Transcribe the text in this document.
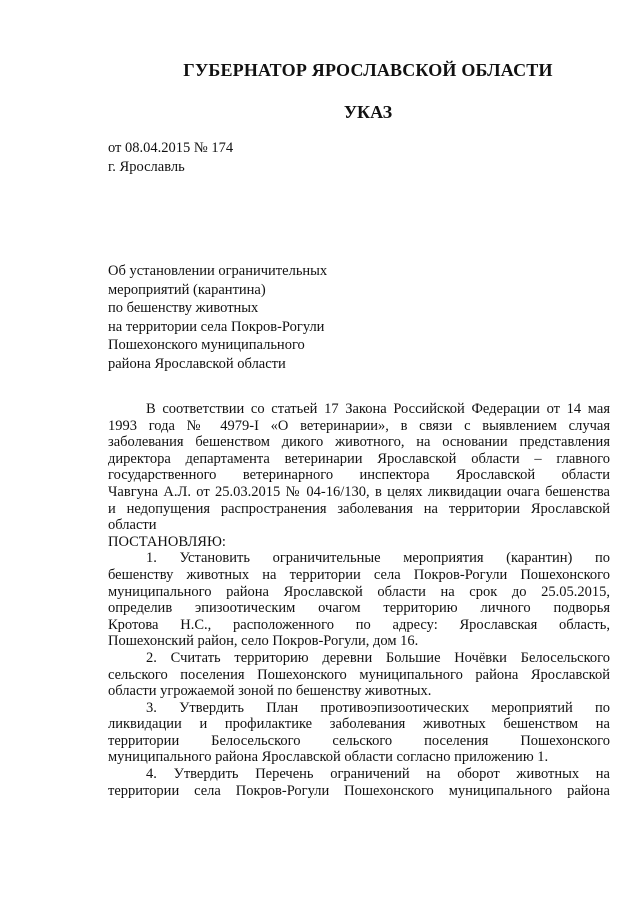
ГУБЕРНАТОР ЯРОСЛАВСКОЙ ОБЛАСТИ
УКАЗ
от 08.04.2015 № 174
г. Ярославль
Об установлении ограничительных
мероприятий (карантина)
по бешенству животных
на территории села Покров-Рогули
Пошехонского муниципального
района Ярославской области
В соответствии со статьей 17 Закона Российской Федерации от 14 мая
1993 года № 4979-I «О ветеринарии», в связи с выявлением случая
заболевания бешенством дикого животного, на основании представления
директора департамента ветеринарии Ярославской области – главного
государственного ветеринарного инспектора Ярославской области
Чавгуна А.Л. от 25.03.2015 № 04-16/130, в целях ликвидации очага бешенства
и недопущения распространения заболевания на территории Ярославской
области
ПОСТАНОВЛЯЮ:
1. Установить ограничительные мероприятия (карантин) по
бешенству животных на территории села Покров-Рогули Пошехонского
муниципального района Ярославской области на срок до 25.05.2015,
определив эпизоотическим очагом территорию личного подворья
Кротова Н.С., расположенного по адресу: Ярославская область,
Пошехонский район, село Покров-Рогули, дом 16.
2. Считать территорию деревни Большие Ночёвки Белосельского
сельского поселения Пошехонского муниципального района Ярославской
области угрожаемой зоной по бешенству животных.
3. Утвердить План противоэпизоотических мероприятий по
ликвидации и профилактике заболевания животных бешенством на
территории Белосельского сельского поселения Пошехонского
муниципального района Ярославской области согласно приложению 1.
4. Утвердить Перечень ограничений на оборот животных на
территории села Покров-Рогули Пошехонского муниципального района
